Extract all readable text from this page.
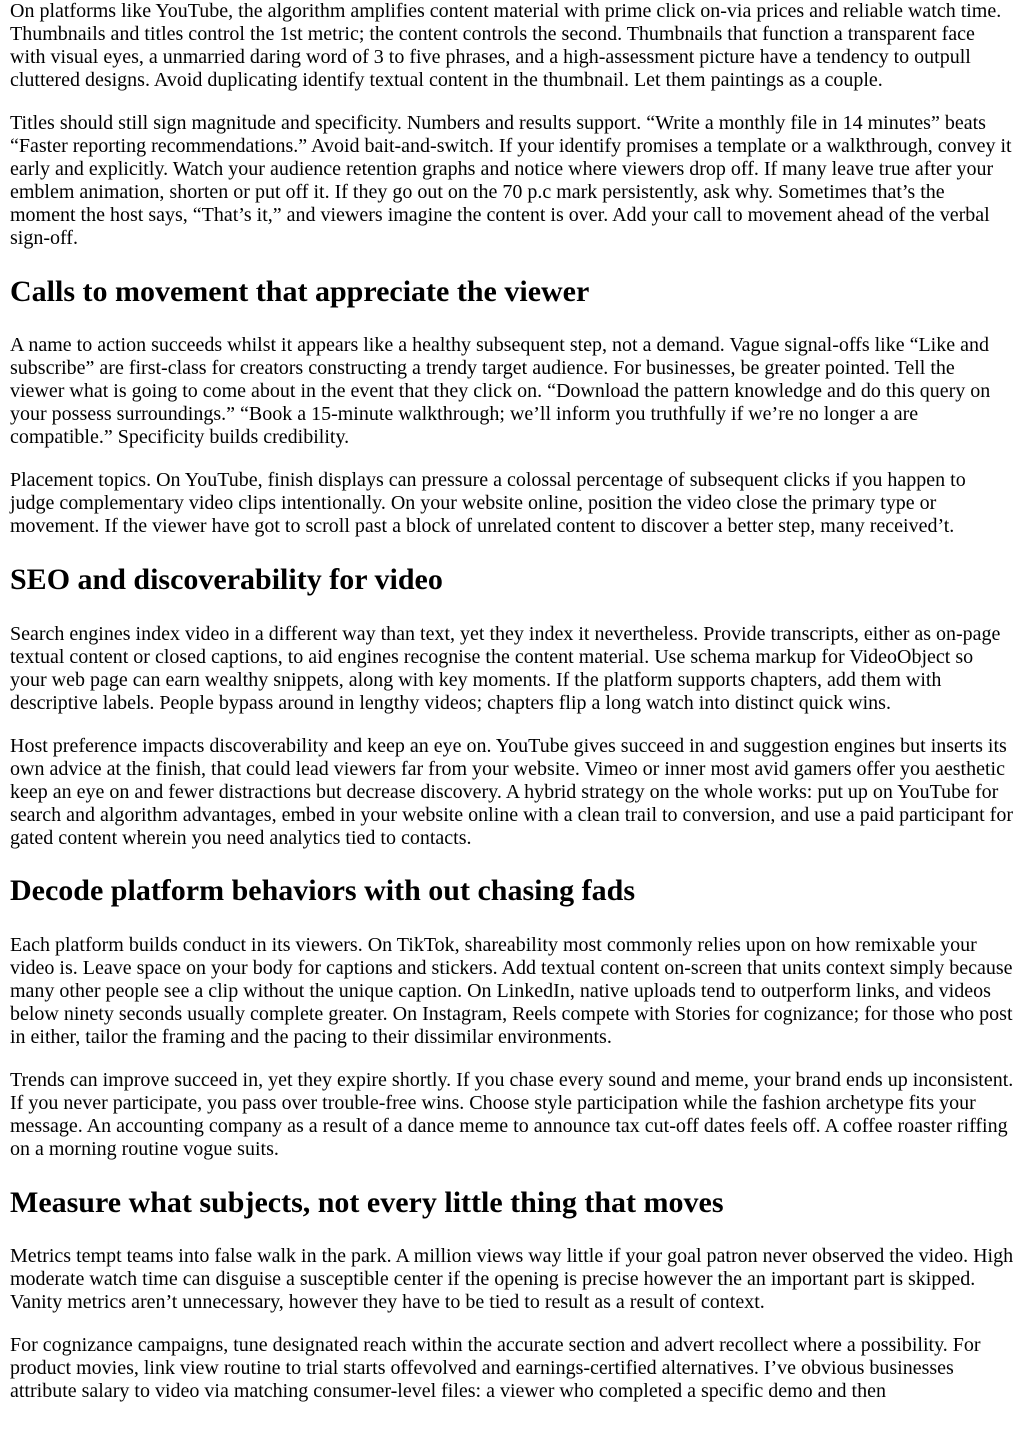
On platforms like YouTube, the algorithm amplifies content material with prime click on-via prices and reliable watch time. Thumbnails and titles control the 1st metric; the content controls the second. Thumbnails that function a transparent face with visual eyes, a unmarried daring word of 3 to five phrases, and a high-assessment picture have a tendency to outpull cluttered designs. Avoid duplicating identify textual content in the thumbnail. Let them paintings as a couple.

Titles should still sign magnitude and specificity. Numbers and results support. “Write a monthly file in 14 minutes” beats “Faster reporting recommendations.” Avoid bait-and-switch. If your identify promises a template or a walkthrough, convey it early and explicitly. Watch your audience retention graphs and notice where viewers drop off. If many leave true after your emblem animation, shorten or put off it. If they go out on the 70 p.c mark persistently, ask why. Sometimes that’s the moment the host says, “That’s it,” and viewers imagine the content is over. Add your call to movement ahead of the verbal sign-off.

Calls to movement that appreciate the viewer

A name to action succeeds whilst it appears like a healthy subsequent step, not a demand. Vague signal-offs like “Like and subscribe” are first-class for creators constructing a trendy target audience. For businesses, be greater pointed. Tell the viewer what is going to come about in the event that they click on. “Download the pattern knowledge and do this query on your possess surroundings.” “Book a 15-minute walkthrough; we’ll inform you truthfully if we’re no longer a are compatible.” Specificity builds credibility.

Placement topics. On YouTube, finish displays can pressure a colossal percentage of subsequent clicks if you happen to judge complementary video clips intentionally. On your website online, position the video close the primary type or movement. If the viewer have got to scroll past a block of unrelated content to discover a better step, many received’t.

SEO and discoverability for video

Search engines index video in a different way than text, yet they index it nevertheless. Provide transcripts, either as on-page textual content or closed captions, to aid engines recognise the content material. Use schema markup for VideoObject so your web page can earn wealthy snippets, along with key moments. If the platform supports chapters, add them with descriptive labels. People bypass around in lengthy videos; chapters flip a long watch into distinct quick wins.

Host preference impacts discoverability and keep an eye on. YouTube gives succeed in and suggestion engines but inserts its own advice at the finish, that could lead viewers far from your website. Vimeo or inner most avid gamers offer you aesthetic keep an eye on and fewer distractions but decrease discovery. A hybrid strategy on the whole works: put up on YouTube for search and algorithm advantages, embed in your website online with a clean trail to conversion, and use a paid participant for gated content wherein you need analytics tied to contacts.

Decode platform behaviors with out chasing fads

Each platform builds conduct in its viewers. On TikTok, shareability most commonly relies upon on how remixable your video is. Leave space on your body for captions and stickers. Add textual content on-screen that units context simply because many other people see a clip without the unique caption. On LinkedIn, native uploads tend to outperform links, and videos below ninety seconds usually complete greater. On Instagram, Reels compete with Stories for cognizance; for those who post in either, tailor the framing and the pacing to their dissimilar environments.

Trends can improve succeed in, yet they expire shortly. If you chase every sound and meme, your brand ends up inconsistent. If you never participate, you pass over trouble-free wins. Choose style participation while the fashion archetype fits your message. An accounting company as a result of a dance meme to announce tax cut-off dates feels off. A coffee roaster riffing on a morning routine vogue suits.

Measure what subjects, not every little thing that moves

Metrics tempt teams into false walk in the park. A million views way little if your goal patron never observed the video. High moderate watch time can disguise a susceptible center if the opening is precise however the an important part is skipped. Vanity metrics aren’t unnecessary, however they have to be tied to result as a result of context.

For cognizance campaigns, tune designated reach within the accurate section and advert recollect where a possibility. For product movies, link view routine to trial starts offevolved and earnings-certified alternatives. I’ve obvious businesses attribute salary to video via matching consumer-level files: a viewer who completed a specific demo and then
